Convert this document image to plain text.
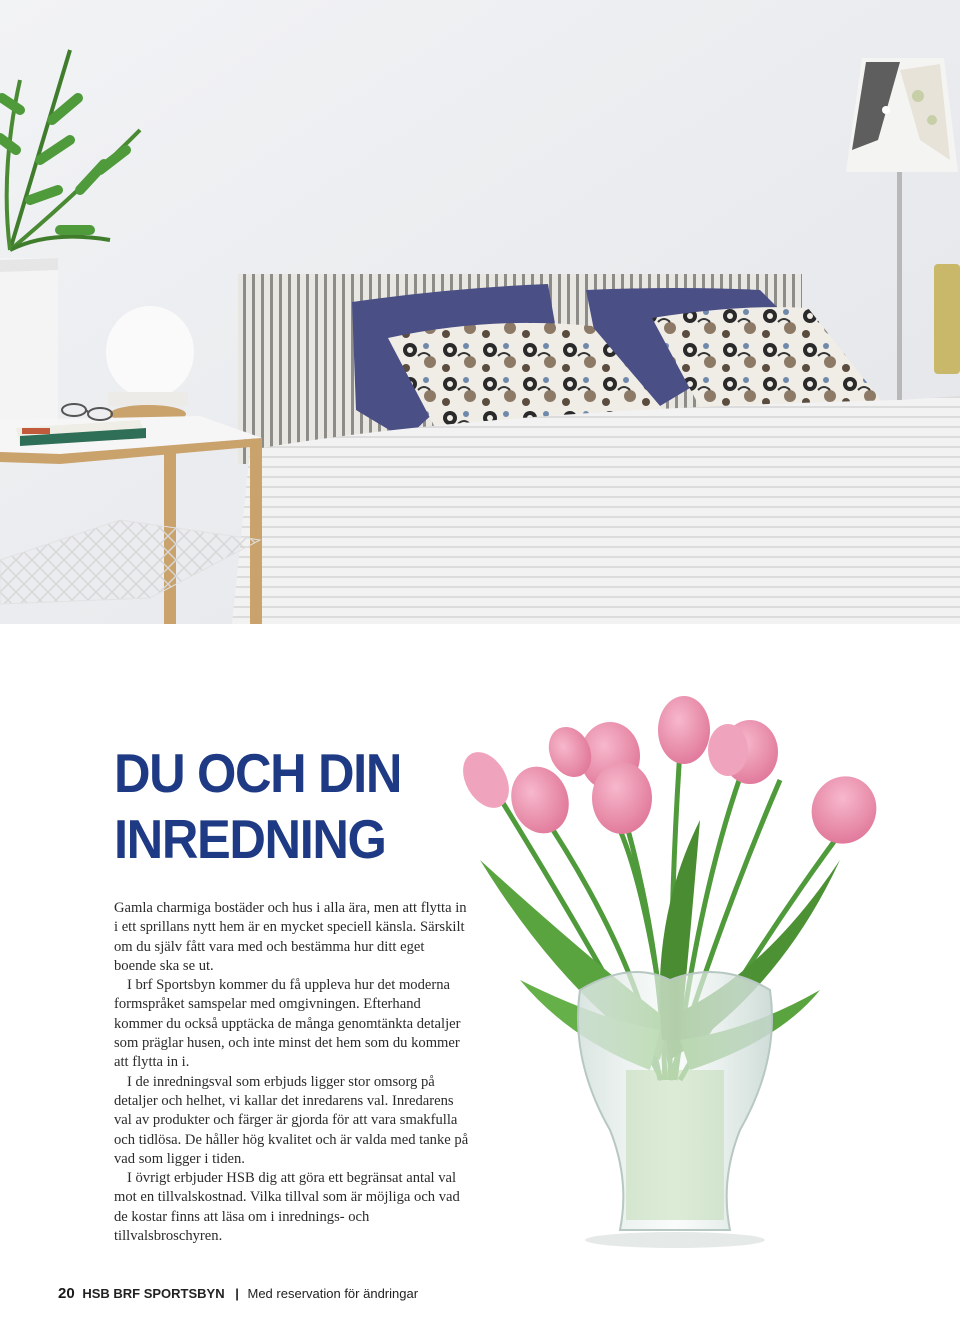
DU OCH DIN
INREDNING

Gamla charmiga bostäder och hus i alla ära, men att flytta in i ett sprillans nytt hem är en mycket speciell känsla. Särskilt om du själv fått vara med och bestämma hur ditt eget boende ska se ut.

I brf Sportsbyn kommer du få uppleva hur det moderna formspråket samspelar med omgivningen. Efterhand kommer du också upptäcka de många genomtänkta detaljer som präglar husen, och inte minst det hem som du kommer att flytta in i.

I de inredningsval som erbjuds ligger stor omsorg på detaljer och helhet, vi kallar det inredarens val. Inredarens val av produkter och färger är gjorda för att vara smakfulla och tidlösa. De håller hög kvalitet och är valda med tanke på vad som ligger i tiden.

I övrigt erbjuder HSB dig att göra ett begränsat antal val mot en tillvalskostnad. Vilka tillval som är möjliga och vad de kostar finns att läsa om i inrednings- och tillvalsbroschyren.

20 HSB BRF SPORTSBYN | Med reservation för ändringar
